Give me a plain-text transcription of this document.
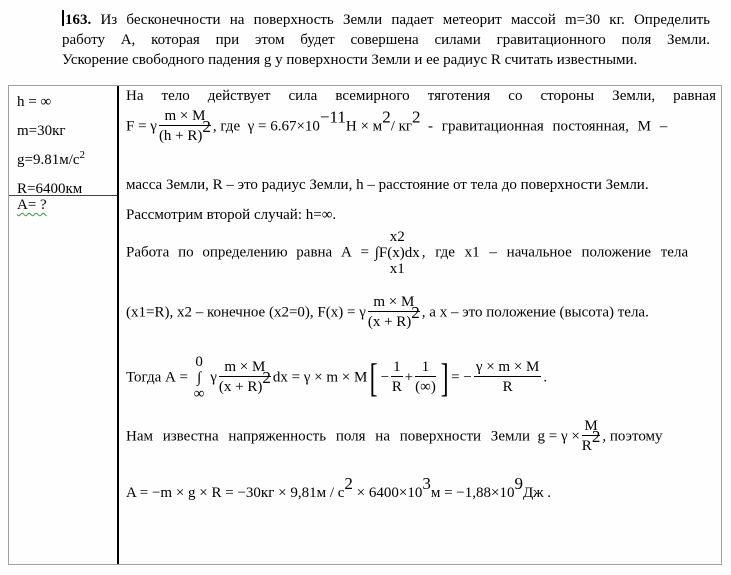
163. Из бесконечности на поверхность Земли падает метеорит массой m=30 кг. Определить
работу А, которая при этом будет совершена силами гравитационного поля Земли.
Ускорение свободного падения g у поверхности Земли и ее радиус R считать известными.
h = ∞
m=30кг
$g=9.81м/с^2$
R=6400км
A= ?
На тело действует сила всемирного тяготения со стороны Земли, равная
F = γ $\frac{m \times M}{(h + R)^2}$ , где $\gamma = 6.67\times 10^{-11}Н \times м^2/$ $кг^2$ - гравитационная постоянная, М –
масса Земли, R – это радиус Земли, h – расстояние от тела до поверхности Земли.
Рассмотрим второй случай: h=∞.
Работа по определению равна А =
x2
∫F(x)dx
x1
, где x1 – начальное положение тела
(x1=R), x2 – конечное (x2=0), F(x) = γ $\frac{m \times M}{(x + R)^2}$ , а x – это положение (высота) тела.
Тогда А =
0
∫
∞
γ $\frac{m \times M}{(x + R)^2}$ dx = $\gamma \times m \times M[ - \frac{1}{R} + \frac{1}{(\infty)}$ ] = − $\frac{\gamma \times m \times M}{R}$ .
Нам известна напряженность поля на поверхности Земли $g = \gamma \times \frac{M}{R^2}$ , поэтому
$A = -m \times g \times R = -30кг \times 9,81м / с^2 \times 6400\times 10^3м = -1,88\times 10^9Дж$ .
